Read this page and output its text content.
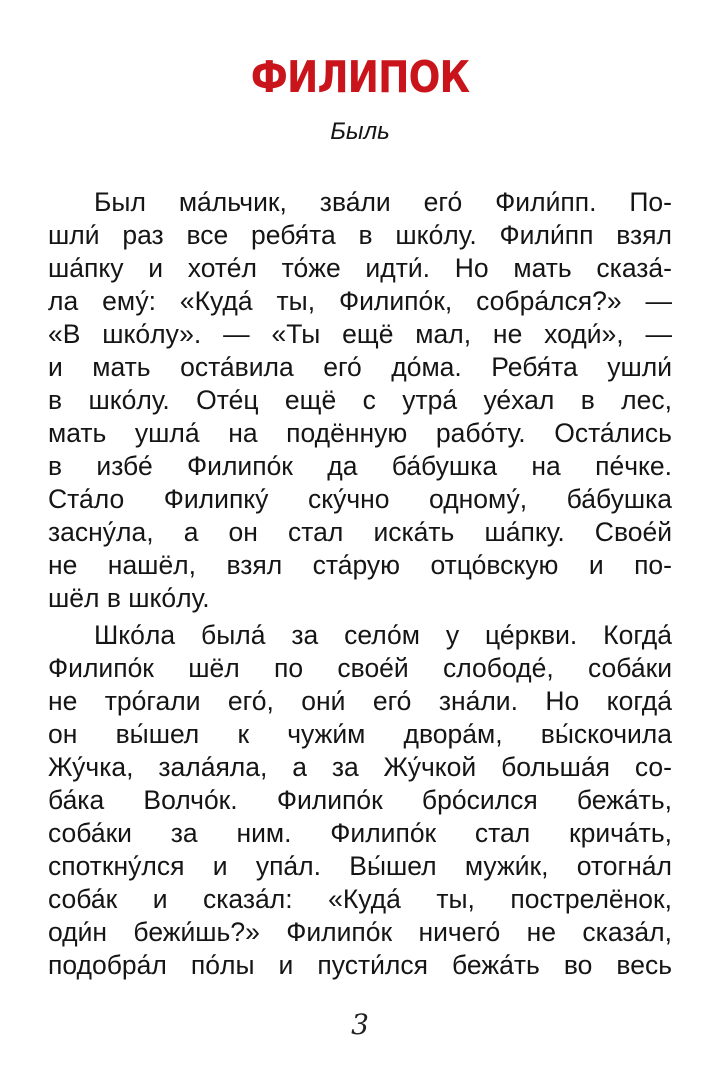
ФИЛИПОК
Быль
Был ма́льчик, зва́ли его́ Фили́пп. По-
шли́ раз все ребя́та в шко́лу. Фили́пп взял
ша́пку и хоте́л то́же идти́. Но мать сказа́-
ла ему́: «Куда́ ты, Филипо́к, собра́лся?» —
«В шко́лу». — «Ты ещё мал, не ходи́», —
и мать оста́вила его́ до́ма. Ребя́та ушли́
в шко́лу. Оте́ц ещё с утра́ уе́хал в лес,
мать ушла́ на подённую рабо́ту. Оста́лись
в избе́ Филипо́к да ба́бушка на пе́чке.
Ста́ло Филипку́ ску́чно одному́, ба́бушка
засну́ла, а он стал иска́ть ша́пку. Свое́й
не нашёл, взял ста́рую отцо́вскую и по-
шёл в шко́лу.
Шко́ла была́ за село́м у це́ркви. Когда́
Филипо́к шёл по свое́й слободе́, соба́ки
не тро́гали его́, они́ его́ зна́ли. Но когда́
он вы́шел к чужи́м двора́м, вы́скочила
Жу́чка, зала́яла, а за Жу́чкой больша́я со-
ба́ка Волчо́к. Филипо́к бро́сился бежа́ть,
соба́ки за ним. Филипо́к стал крича́ть,
споткну́лся и упа́л. Вы́шел мужи́к, отогна́л
соба́к и сказа́л: «Куда́ ты, пострелёнок,
оди́н бежи́шь?» Филипо́к ничего́ не сказа́л,
подобра́л по́лы и пусти́лся бежа́ть во весь
3
